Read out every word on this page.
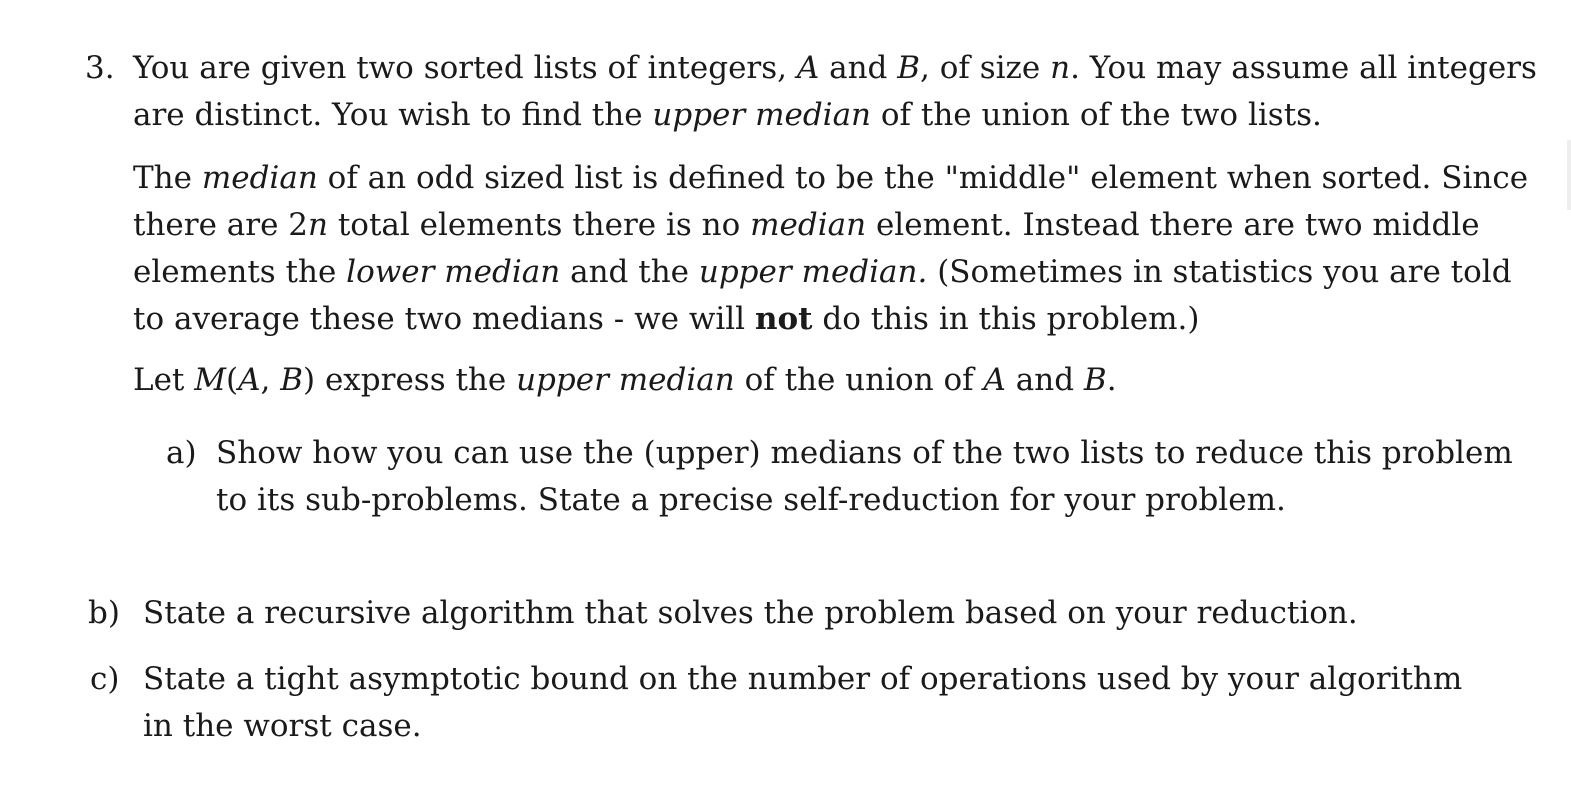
3. You are given two sorted lists of integers, A and B, of size n. You may assume all integers
are distinct. You wish to find the upper median of the union of the two lists.
The median of an odd sized list is defined to be the "middle" element when sorted. Since
there are 2n total elements there is no median element. Instead there are two middle
elements the lower median and the upper median. (Sometimes in statistics you are told
to average these two medians - we will not do this in this problem.)
Let M(A, B) express the upper median of the union of A and B.
a) Show how you can use the (upper) medians of the two lists to reduce this problem
to its sub-problems. State a precise self-reduction for your problem.
b) State a recursive algorithm that solves the problem based on your reduction.
c) State a tight asymptotic bound on the number of operations used by your algorithm
in the worst case.
